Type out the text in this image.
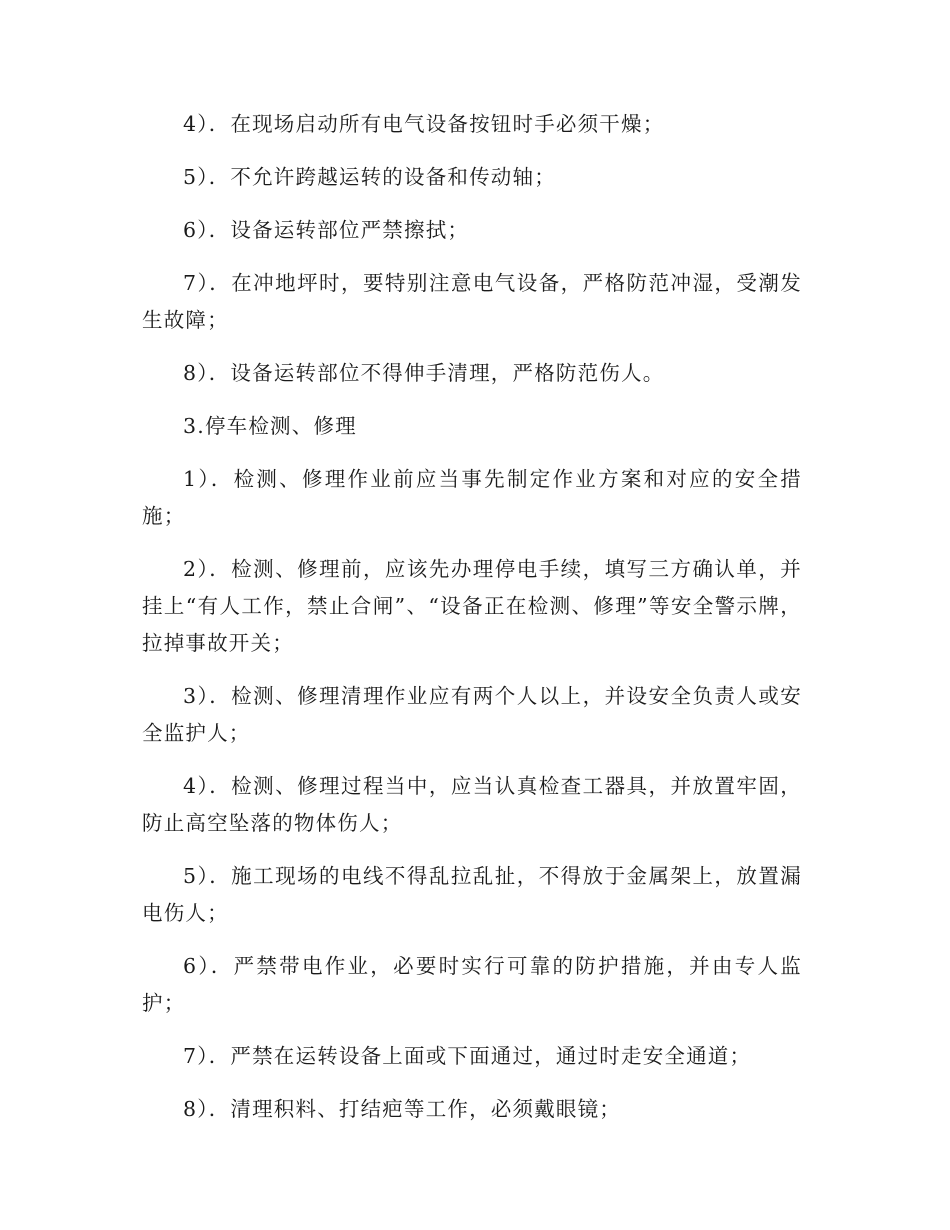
4）．在现场启动所有电气设备按钮时手必须干燥；

5）．不允许跨越运转的设备和传动轴；

6）．设备运转部位严禁擦拭；

7）．在冲地坪时，要特别注意电气设备，严格防范冲湿，受潮发生故障；

8）．设备运转部位不得伸手清理，严格防范伤人。

3.停车检测、修理

1）．检测、修理作业前应当事先制定作业方案和对应的安全措施；

2）．检测、修理前，应该先办理停电手续，填写三方确认单，并挂上“有人工作，禁止合闸”、“设备正在检测、修理”等安全警示牌，拉掉事故开关；

3）．检测、修理清理作业应有两个人以上，并设安全负责人或安全监护人；

4）．检测、修理过程当中，应当认真检查工器具，并放置牢固，防止高空坠落的物体伤人；

5）．施工现场的电线不得乱拉乱扯，不得放于金属架上，放置漏电伤人；

6）．严禁带电作业，必要时实行可靠的防护措施，并由专人监护；

7）．严禁在运转设备上面或下面通过，通过时走安全通道；

8）．清理积料、打结疤等工作，必须戴眼镜；
